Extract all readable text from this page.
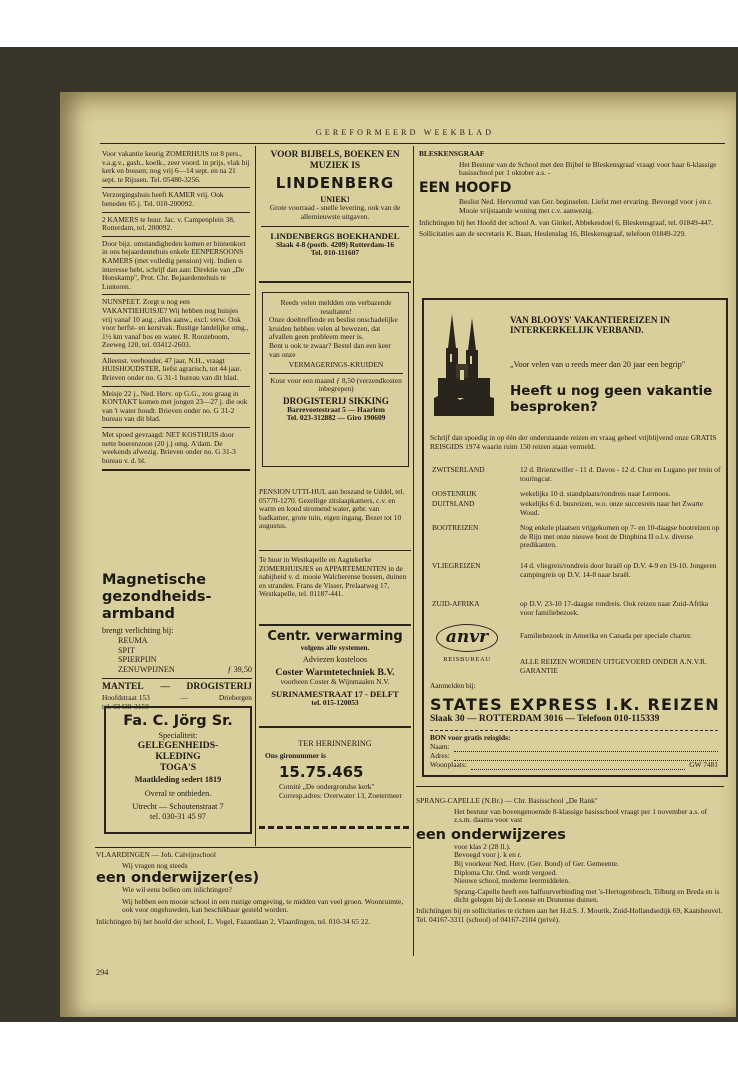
GEREFORMEERD WEEKBLAD

Voor vakantie keurig ZOMERHUIS tot 8 pers., v.a.g.v., gash., koelk., zeer voord. in prijs, vlak bij kerk en bossen; nog vrij 6—14 sept. en na 21 sept. te Rijssen. Tel. 05480-3256.

Verzorgingshuis heeft KAMER vrij. Ook beneden 65 j. Tel. 010-200092.

2 KAMERS te huur. Jac. v. Campenplein 38, Rotterdam, tel. 200092.

Door bijz. omstandigheden komen er binnenkort in ons bejaardentehuis enkele EENPERSOONS KAMERS (met volledig pension) vrij. Indien u interesse hebt, schrijf dan aan: Direktie van „De Honskamp", Prot. Chr. Bejaardentehuis te Lunteren.

NUNSPEET. Zorgt u nog een VAKANTIEHUISJE? Wij hebben nog huisjes vrij vanaf 10 aug.; alles aanw., excl. verw. Ook voor herfst- en kerstvak. Rustige landelijke omg., 1½ km vanaf bos en water. R. Roozeboom, Zeeweg 120, tel. 03412-2603.

Alleenst. veehouder, 47 jaar, N.H., vraagt HUISHOUDSTER, liefst agrarisch, tot 44 jaar. Brieven onder no. G 31-1 bureau van dit blad.

Meisje 22 j., Ned. Herv. op G.G., zou graag in KONTAKT komen met jongen 23—27 j. die ook van 't water houdt. Brieven onder no. G 31-2 bureau van dit blad.

Met spoed gevraagd: NET KOSTHUIS door nette boerenzoon (20 j.) omg. A'dam. De weekends afwezig. Brieven onder no. G 31-3 bureau v. d. bl.

Magnetische gezondheids-armband
brengt verlichting bij:
REUMA
SPIT
SPIERPIJN
ZENUWPIJNEN	ƒ 39,50
MANTEL — DROGISTERIJ
Hoofdstraat 153	—	Driebergen
tel. 03438-3150
Fa. C. Jörg Sr.
Specialiteit:
GELEGENHEIDS-
KLEDING
TOGA'S
Maatkleding sedert 1819
Overal te ontbieden.
Utrecht — Schoutenstraat 7
tel. 030-31 45 97
VOOR BIJBELS, BOEKEN EN MUZIEK IS
LINDENBERG
UNIEK!
Grote voorraad - snelle levering, ook van de allernieuwste uitgaven.
LINDENBERGS BOEKHANDEL
Slaak 4-8 (postb. 4209) Rotterdam-16
Tel. 010-111607
Reeds velen meldden ons verbazende resultaten!
Onze doeltreffende en beslist onschadelijke kruiden hebben velen al bewezen, dat afvallen geen probleem meer is.
Bent u ook te zwaar? Bestel dan een keer van onze
VERMAGERINGS-KRUIDEN
Kuur voor een maand ƒ 8,50 (verzendkosten inbegrepen)
DROGISTERIJ SIKKING
Barrevoetestraat 5 — Haarlem
Tel. 023-312882 — Giro 190609
PENSION UTTI-HUL aan boszand te Uddel, tel. 05770-1270. Gezellige zitslaapkamers, c.v. en warm en koud stromend water, gebr. van badkamer, grote tuin, eigen ingang. Bezet tot 10 augustus.
Te huur in Westkapelle en Aagtekerke ZOMERHUISJES en APPARTEMENTEN in de nabijheid v. d. mooie Walcherense bossen, duinen en stranden. Frans de Visser, Prelaatweg 17, Westkapelle, tel. 01187-441.
Centr. verwarming
volgens alle systemen.
Adviezen kosteloos
Coster Warmtetechniek B.V.
voorheen Coster & Wijnmaalen N.V.
SURINAMESTRAAT 17 - DELFT
tel. 015-120053
TER HERINNERING
Ons gironummer is
15.75.465
Comité „De ondergrondse kerk"
Corresp.adres: Overwater 13, Zoetermeer
VLAARDINGEN — Joh. Calvijnschool
Wij vragen nog steeds
een onderwijzer(es)
Wie wil eens bellen om inlichtingen?
Wij hebben een mooie school in een rustige omgeving, te midden van veel groen. Woonruimte, ook voor ongehuwden, kan beschikbaar gesteld worden.
Inlichtingen bij het hoofd der school, L. Vogel, Fazantlaan 2, Vlaardingen, tel. 010-34 65 22.
294
BLESKENSGRAAF
Het Bestuur van de School met den Bijbel te Bleskensgraaf vraagt voor haar 6-klassige basisschool per 1 oktober a.s. -
EEN HOOFD
Beslist Ned. Hervormd van Ger. beginselen. Liefst met ervaring. Bevoegd voor j en r.
Mooie vrijstaande woning met c.v. aanwezig.
Inlichtingen bij het Hoofd der school A. van Ginkel, Abbekesdoel 6, Bleskensgraaf, tel. 01849-447.
Sollicitaties aan de secretaris K. Baan, Heulenslag 16, Bleskensgraaf, telefoon 01849-229.
VAN BLOOYS' VAKANTIEREIZEN IN INTERKERKELIJK VERBAND.
„Voor velen van u reeds meer dan 20 jaar een begrip"
Heeft u nog geen vakantie besproken?
Schrijf dan spoedig in op één der onderstaande reizen en vraag geheel vrijblijvend onze GRATIS REISGIDS 1974 waarin ruim 150 reizen staan vermeld.
ZWITSERLAND	12 d. Brienzwiller - 11 d. Davos - 12 d. Chur en Lugano per trein of touringcar.
OOSTENRIJK	wekelijks 10 d. standplaats/rondreis naar Lermoos.
DUITSLAND	wekelijks 6 d. busreizen, w.o. onze succesreis naar het Zwarte Woud.
BOOTREIZEN	Nog enkele plaatsen vrijgekomen op 7- en 10-daagse bootreizen op de Rijn met onze nieuwe boot de Dinphina II o.l.v. diverse predikanten.
VLIEGREIZEN	14 d. vliegreis/rondreis door Israël op D.V. 4-9 en 19-10. Jongeren campingreis op D.V. 14-8 naar Israël.
ZUID-AFRIKA	op D.V. 23-10 17-daagse rondreis. Ook reizen naar Zuid-Afrika voor familiebezoek.
Familiebezoek in Amerika en Canada per speciale charter.
anvr
REISBUREAU	ALLE REIZEN WORDEN UITGEVOERD ONDER A.N.V.R. GARANTIE
Aanmelden bij:
STATES EXPRESS I.K. REIZEN
Slaak 30 — ROTTERDAM 3016 — Telefoon 010-115339
BON voor gratis reisgids:
Naam:
Adres:
Woonplaats:	GW 7481
SPRANG-CAPELLE (N.Br.) — Chr. Basisschool „De Rank"
Het bestuur van bovengenoemde 8-klassige basisschool vraagt per 1 november a.s. of z.s.m. daarna voor vast
een onderwijzeres
voor klas 2 (28 ll.).
Bevoegd voor j. k en r.
Bij voorkeur Ned. Herv. (Ger. Bond) of Ger. Gemeente.
Diploma Chr. Ond. wordt vergoed.
Nieuwe school, moderne leermiddelen.
Sprang-Capelle heeft een halfuurverbinding met 's-Hertogenbosch, Tilburg en Breda en is dicht gelegen bij de Loonse en Drunense duinen.
Inlichtingen bij en sollicitaties te richten aan het H.d.S. J. Mourik, Zuid-Hollandsedijk 69, Kaatsheuvel. Tel. 04167-3311 (school) of 04167-2104 (privé).
